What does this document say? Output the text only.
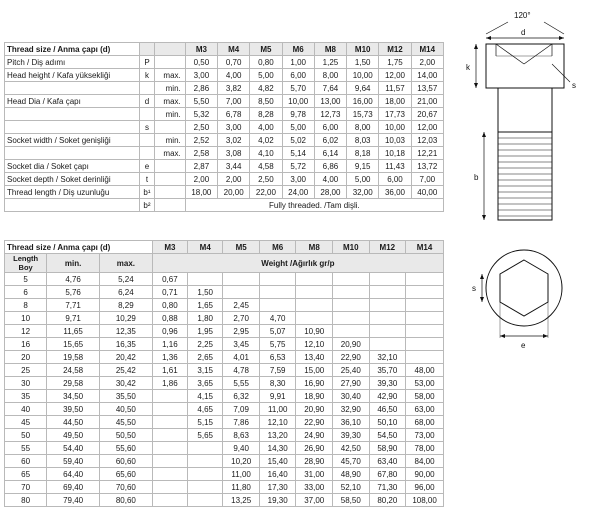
Thread size / Anma çapı (d)			M3	M4	M5	M6	M8	M10	M12	M14
Pitch / Diş adımı	P		0,50	0,70	0,80	1,00	1,25	1,50	1,75	2,00
Head height / Kafa yüksekliği	k	max.	3,00	4,00	5,00	6,00	8,00	10,00	12,00	14,00
		min.	2,86	3,82	4,82	5,70	7,64	9,64	11,57	13,57
Head Dia / Kafa çapı	d	max.	5,50	7,00	8,50	10,00	13,00	16,00	18,00	21,00
		min.	5,32	6,78	8,28	9,78	12,73	15,73	17,73	20,67
	s		2,50	3,00	4,00	5,00	6,00	8,00	10,00	12,00
Socket width / Soket genişliği		min.	2,52	3,02	4,02	5,02	6,02	8,03	10,03	12,03
		max.	2,58	3,08	4,10	5,14	6,14	8,18	10,18	12,21
Socket dia / Soket çapı	e		2,87	3,44	4,58	5,72	6,86	9,15	11,43	13,72
Socket depth / Soket derinliği	t		2,00	2,00	2,50	3,00	4,00	5,00	6,00	7,00
Thread length / Diş uzunluğu	b¹		18,00	20,00	22,00	24,00	28,00	32,00	36,00	40,00
	b²		Fully threaded. /Tam dişli.							
Thread size / Anma çapı (d)			M3	M4	M5	M6	M8	M10	M12	M14
Length
Boy	min.	max.	Weight /Ağırlık gr/p							
5	4,76	5,24	0,67							
6	5,76	6,24	0,71	1,50						
8	7,71	8,29	0,80	1,65	2,45					
10	9,71	10,29	0,88	1,80	2,70	4,70				
12	11,65	12,35	0,96	1,95	2,95	5,07	10,90			
16	15,65	16,35	1,16	2,25	3,45	5,75	12,10	20,90		
20	19,58	20,42	1,36	2,65	4,01	6,53	13,40	22,90	32,10	
25	24,58	25,42	1,61	3,15	4,78	7,59	15,00	25,40	35,70	48,00
30	29,58	30,42	1,86	3,65	5,55	8,30	16,90	27,90	39,30	53,00
35	34,50	35,50		4,15	6,32	9,91	18,90	30,40	42,90	58,00
40	39,50	40,50		4,65	7,09	11,00	20,90	32,90	46,50	63,00
45	44,50	45,50		5,15	7,86	12,10	22,90	36,10	50,10	68,00
50	49,50	50,50		5,65	8,63	13,20	24,90	39,30	54,50	73,00
55	54,40	55,60			9,40	14,30	26,90	42,50	58,90	78,00
60	59,40	60,60			10,20	15,40	28,90	45,70	63,40	84,00
65	64,40	65,60			11,00	16,40	31,00	48,90	67,80	90,00
70	69,40	70,60			11,80	17,30	33,00	52,10	71,30	96,00
80	79,40	80,60			13,25	19,30	37,00	58,50	80,20	108,00
120°
d
k
s
b
s
e
